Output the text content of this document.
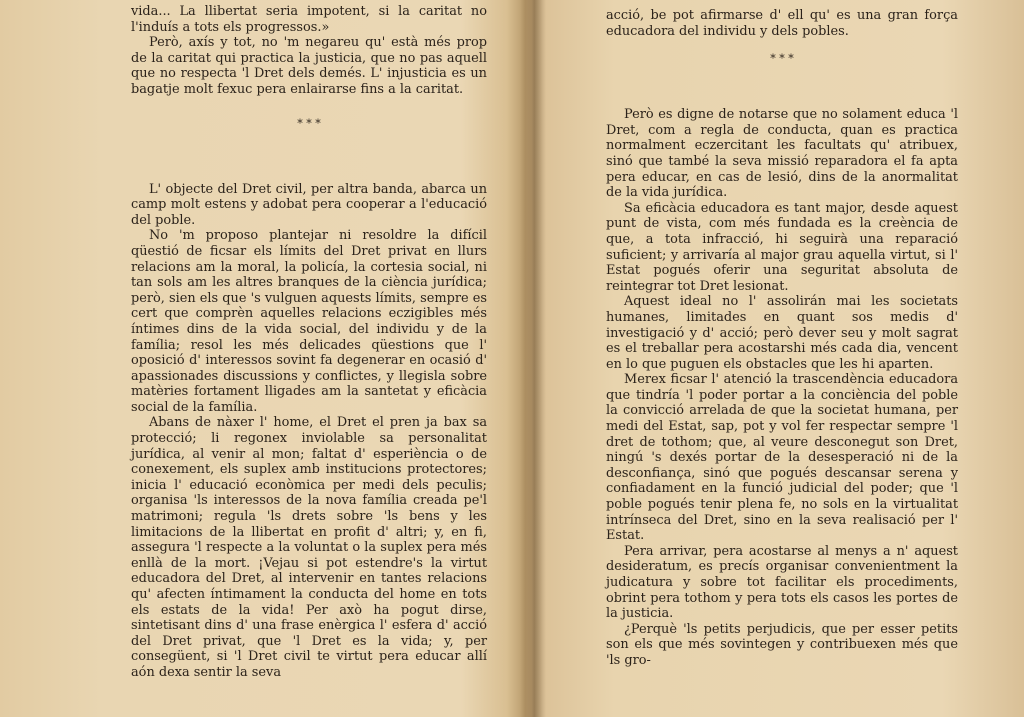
vida... La llibertat seria impotent, si la caritat no l'induís a tots els progressos.»

Però, axís y tot, no 'm negareu qu' està més prop de la caritat qui practica la justicia, que no pas aquell que no respecta 'l Dret dels demés. L' injusticia es un bagatje molt fexuc pera enlairarse fins a la caritat.

* * *

L' objecte del Dret civil, per altra banda, abarca un camp molt estens y adobat pera cooperar a l'educació del poble.

No 'm proposo plantejar ni resoldre la difícil qüestió de ficsar els límits del Dret privat en llurs relacions am la moral, la policía, la cortesia social, ni tan sols am les altres branques de la ciència jurídica; però, sien els que 's vulguen aquests límits, sempre es cert que comprèn aquelles relacions eczigibles més íntimes dins de la vida social, del individu y de la família; resol les més delicades qüestions que l' oposició d' interessos sovint fa degenerar en ocasió d' apassionades discussions y conflictes, y llegisla sobre matèries fortament lligades am la santetat y eficàcia social de la família.

Abans de nàxer l' home, el Dret el pren ja bax sa protecció; li regonex inviolable sa personalitat jurídica, al venir al mon; faltat d' esperiència o de conexement, els suplex amb institucions protectores; inicia l' educació econòmica per medi dels peculis; organisa 'ls interessos de la nova família creada pe'l matrimoni; regula 'ls drets sobre 'ls bens y les limitacions de la llibertat en profit d' altri; y, en fi, assegura 'l respecte a la voluntat o la suplex pera més enllà de la mort. ¡Vejau si pot estendre's la virtut educadora del Dret, al intervenir en tantes relacions qu' afecten íntimament la conducta del home en tots els estats de la vida! Per axò ha pogut dirse, sintetisant dins d' una frase enèrgica l' esfera d' acció del Dret privat, que 'l Dret es la vida; y, per consegüent, si 'l Dret civil te virtut pera educar allí aón dexa sentir la seva

acció, be pot afirmarse d' ell qu' es una gran força educadora del individu y dels pobles.

* * *

Però es digne de notarse que no solament educa 'l Dret, com a regla de conducta, quan es practica normalment eczercitant les facultats qu' atribuex, sinó que també la seva missió reparadora el fa apta pera educar, en cas de lesió, dins de la anormalitat de la vida jurídica.

Sa eficàcia educadora es tant major, desde aquest punt de vista, com més fundada es la creència de que, a tota infracció, hi seguirà una reparació suficient; y arrivaría al major grau aquella virtut, si l' Estat pogués oferir una seguritat absoluta de reintegrar tot Dret lesionat.

Aquest ideal no l' assolirán mai les societats humanes, limitades en quant sos medis d' investigació y d' acció; però dever seu y molt sagrat es el treballar pera acostarshi més cada dia, vencent en lo que puguen els obstacles que les hi aparten.

Merex ficsar l' atenció la trascendència educadora que tindría 'l poder portar a la conciència del poble la convicció arrelada de que la societat humana, per medi del Estat, sap, pot y vol fer respectar sempre 'l dret de tothom; que, al veure desconegut son Dret, ningú 's dexés portar de la desesperació ni de la desconfiança, sinó que pogués descansar serena y confiadament en la funció judicial del poder; que 'l poble pogués tenir plena fe, no sols en la virtualitat intrínseca del Dret, sino en la seva realisació per l' Estat.

Pera arrivar, pera acostarse al menys a n' aquest desideratum, es precís organisar convenientment la judicatura y sobre tot facilitar els procediments, obrint pera tothom y pera tots els casos les portes de la justicia.

¿Perquè 'ls petits perjudicis, que per esser petits son els que més sovintegen y contribuexen més que 'ls gro-
